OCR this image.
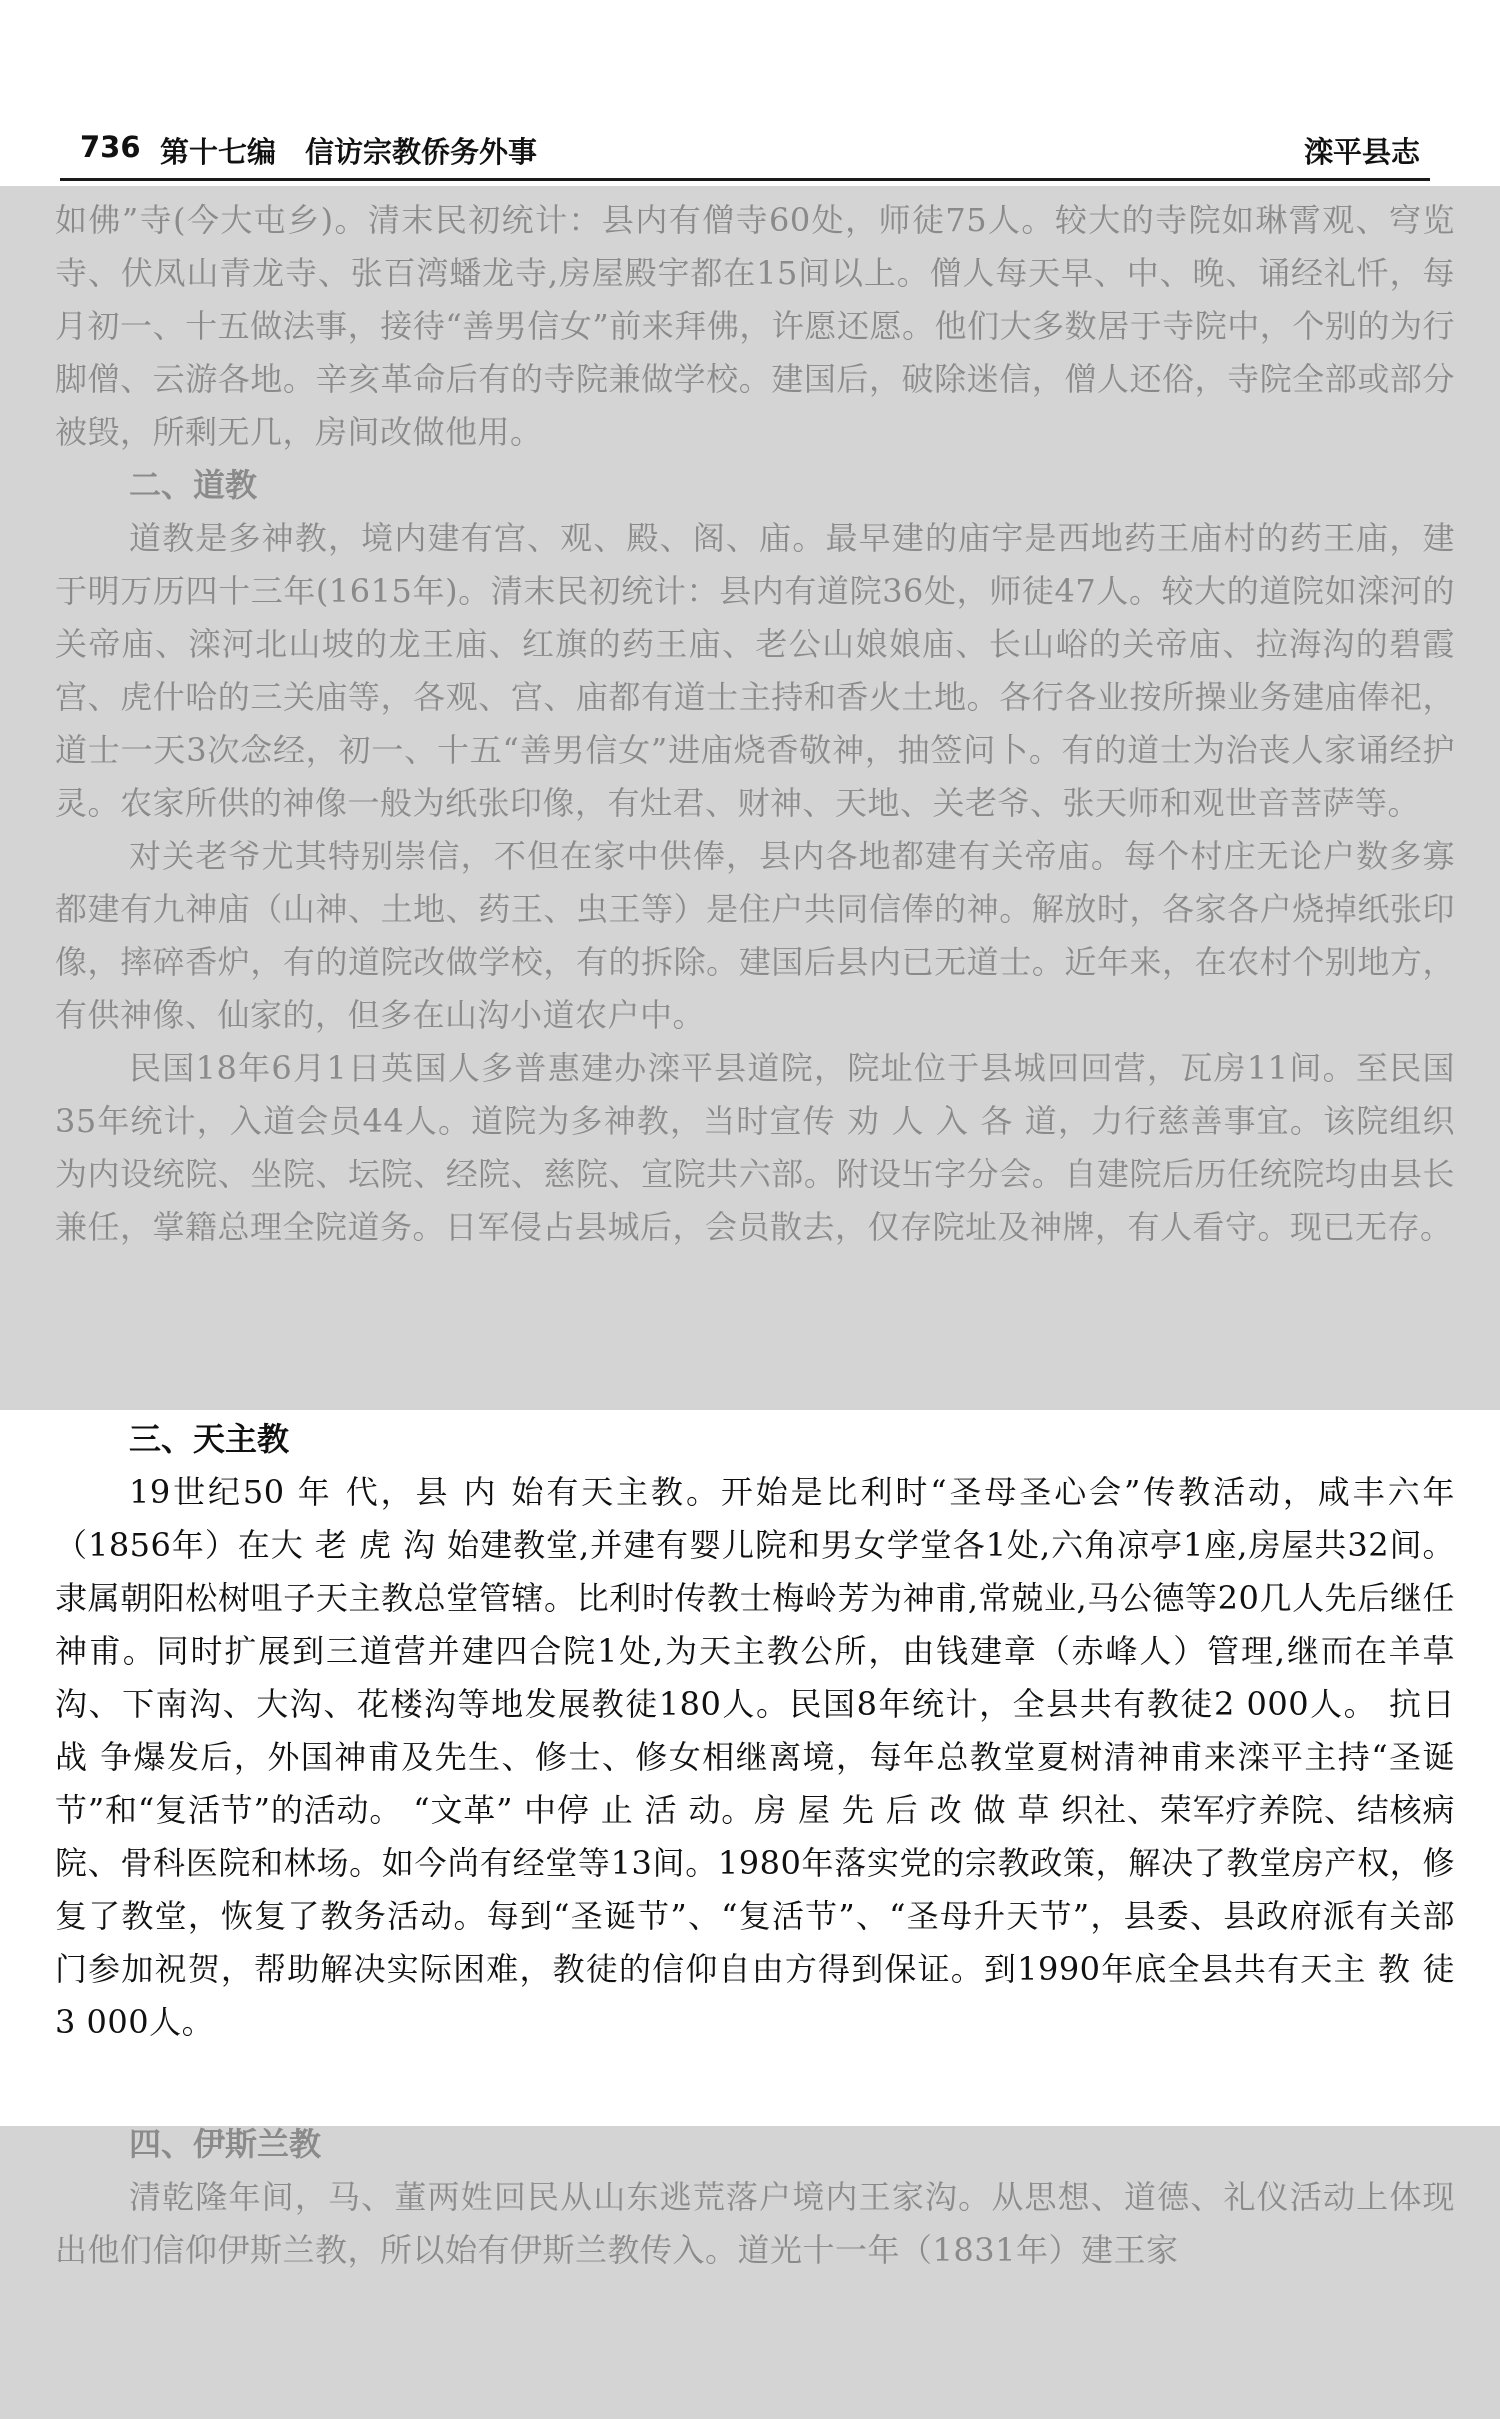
736 第十七编　信访宗教侨务外事	滦平县志

如佛”寺(今大屯乡)。清末民初统计：县内有僧寺60处，师徒75人。较大的寺院如琳霄观、穹览寺、伏凤山青龙寺、张百湾蟠龙寺,房屋殿宇都在15间以上。僧人每天早、中、晚、诵经礼忏，每月初一、十五做法事，接待“善男信女”前来拜佛，许愿还愿。他们大多数居于寺院中，个别的为行脚僧、云游各地。辛亥革命后有的寺院兼做学校。建国后，破除迷信，僧人还俗，寺院全部或部分被毁，所剩无几，房间改做他用。

二、道教

道教是多神教，境内建有宫、观、殿、阁、庙。最早建的庙宇是西地药王庙村的药王庙，建于明万历四十三年(1615年)。清末民初统计：县内有道院36处，师徒47人。较大的道院如滦河的关帝庙、滦河北山坡的龙王庙、红旗的药王庙、老公山娘娘庙、长山峪的关帝庙、拉海沟的碧霞宫、虎什哈的三关庙等，各观、宫、庙都有道士主持和香火土地。各行各业按所操业务建庙俸祀，道士一天3次念经，初一、十五“善男信女”进庙烧香敬神，抽签问卜。有的道士为治丧人家诵经护灵。农家所供的神像一般为纸张印像，有灶君、财神、天地、关老爷、张天师和观世音菩萨等。

对关老爷尤其特别崇信，不但在家中供俸，县内各地都建有关帝庙。每个村庄无论户数多寡都建有九神庙（山神、土地、药王、虫王等）是住户共同信俸的神。解放时，各家各户烧掉纸张印像，摔碎香炉，有的道院改做学校，有的拆除。建国后县内已无道士。近年来，在农村个别地方，有供神像、仙家的，但多在山沟小道农户中。

民国18年6月1日英国人多普惠建办滦平县道院，院址位于县城回回营，瓦房11间。至民国35年统计，入道会员44人。道院为多神教，当时宣传 劝 人 入 各 道，力行慈善事宜。该院组织为内设统院、坐院、坛院、经院、慈院、宣院共六部。附设卐字分会。自建院后历任统院均由县长兼任，掌籍总理全院道务。日军侵占县城后，会员散去，仅存院址及神牌，有人看守。现已无存。

三、天主教

19世纪50 年 代，县 内 始有天主教。开始是比利时“圣母圣心会”传教活动，咸丰六年（1856年）在大 老 虎 沟 始建教堂,并建有婴儿院和男女学堂各1处,六角凉亭1座,房屋共32间。隶属朝阳松树咀子天主教总堂管辖。比利时传教士梅岭芳为神甫,常兢业,马公德等20几人先后继任神甫。同时扩展到三道营并建四合院1处,为天主教公所，由钱建章（赤峰人）管理,继而在羊草沟、下南沟、大沟、花楼沟等地发展教徒180人。民国8年统计，全县共有教徒2 000人。 抗日 战 争爆发后，外国神甫及先生、修士、修女相继离境，每年总教堂夏树清神甫来滦平主持“圣诞节”和“复活节”的活动。 “文革” 中停 止 活 动。房 屋 先 后 改 做 草 织社、荣军疗养院、结核病院、骨科医院和林场。如今尚有经堂等13间。1980年落实党的宗教政策，解决了教堂房产权，修复了教堂，恢复了教务活动。每到“圣诞节”、“复活节”、“圣母升天节”，县委、县政府派有关部门参加祝贺，帮助解决实际困难，教徒的信仰自由方得到保证。到1990年底全县共有天主 教 徒 3 000人。

四、伊斯兰教

清乾隆年间，马、董两姓回民从山东逃荒落户境内王家沟。从思想、道德、礼仪活动上体现出他们信仰伊斯兰教，所以始有伊斯兰教传入。道光十一年（1831年）建王家
